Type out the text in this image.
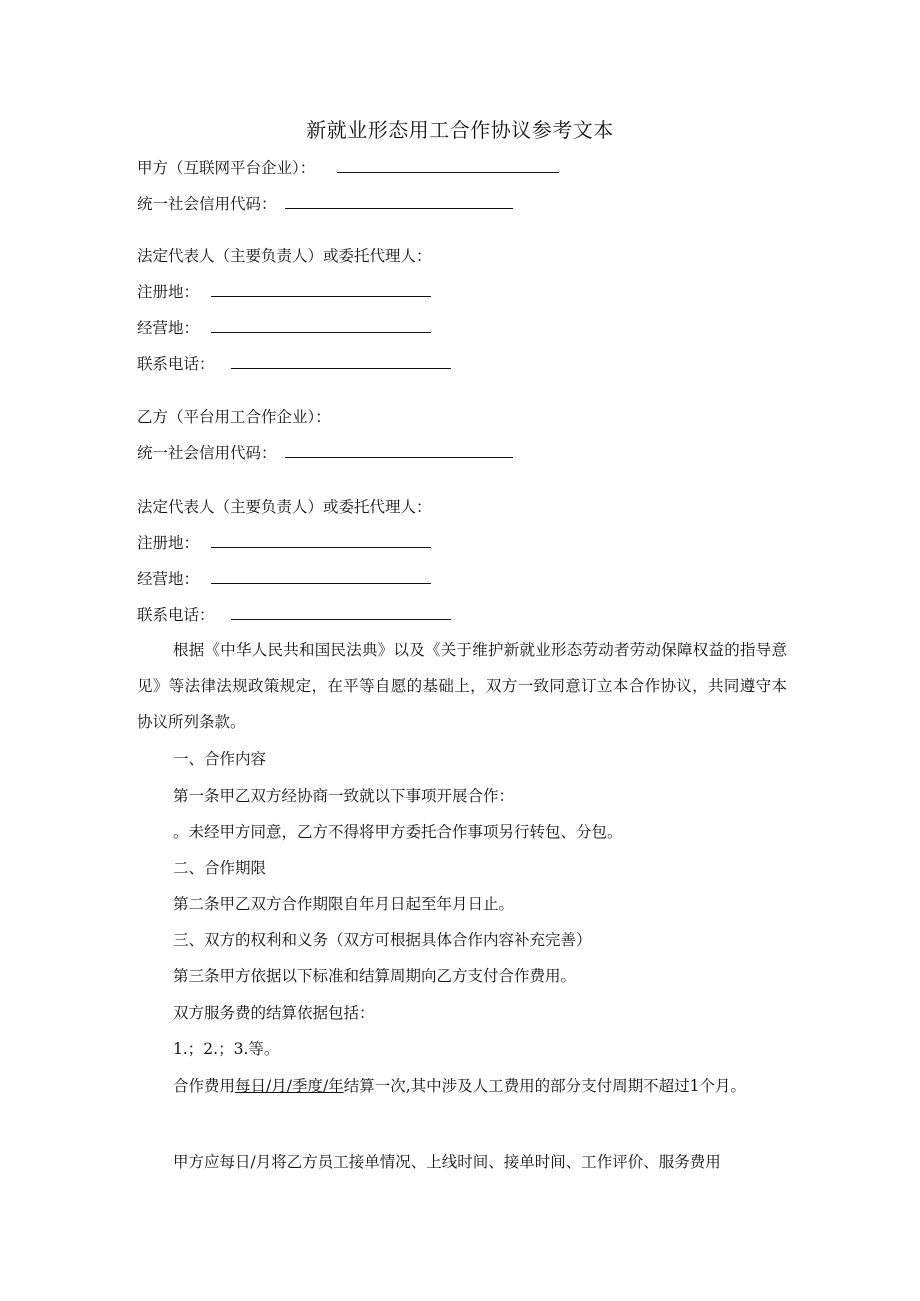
新就业形态用工合作协议参考文本
甲方（互联网平台企业）：
统一社会信用代码：
法定代表人（主要负责人）或委托代理人：
注册地：
经营地：
联系电话：
乙方（平台用工合作企业）：
统一社会信用代码：
法定代表人（主要负责人）或委托代理人：
注册地：
经营地：
联系电话：
根据《中华人民共和国民法典》以及《关于维护新就业形态劳动者劳动保障权益的指导意见》等法律法规政策规定，在平等自愿的基础上，双方一致同意订立本合作协议，共同遵守本协议所列条款。
一、合作内容
第一条甲乙双方经协商一致就以下事项开展合作：
。未经甲方同意，乙方不得将甲方委托合作事项另行转包、分包。
二、合作期限
第二条甲乙双方合作期限自年月日起至年月日止。
三、双方的权利和义务（双方可根据具体合作内容补充完善）
第三条甲方依据以下标准和结算周期向乙方支付合作费用。
双方服务费的结算依据包括：
1.；2.；3.等。
合作费用每日/月/季度/年结算一次,其中涉及人工费用的部分支付周期不超过1个月。
甲方应每日/月将乙方员工接单情况、上线时间、接单时间、工作评价、服务费用
